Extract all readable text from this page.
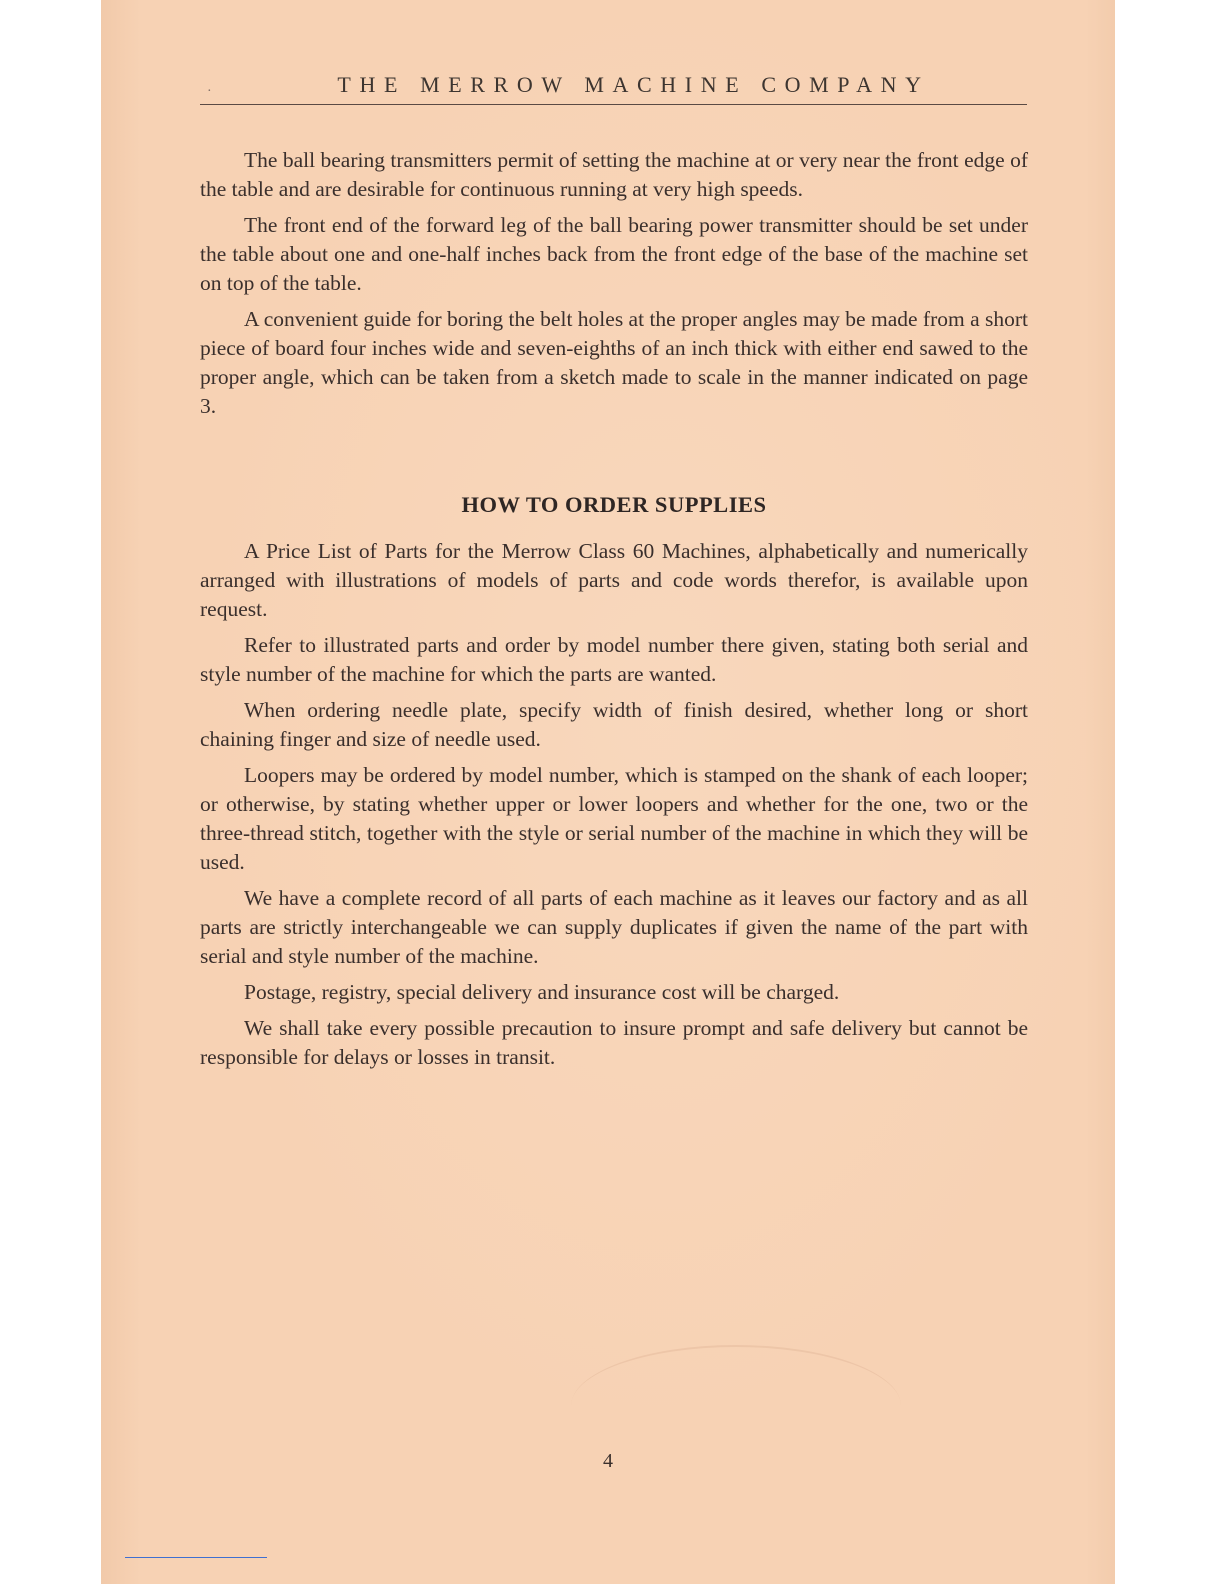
·	THE MERROW MACHINE COMPANY

The ball bearing transmitters permit of setting the machine at or very near the front edge of the table and are desirable for continuous running at very high speeds.

The front end of the forward leg of the ball bearing power transmitter should be set under the table about one and one-half inches back from the front edge of the base of the machine set on top of the table.

A convenient guide for boring the belt holes at the proper angles may be made from a short piece of board four inches wide and seven-eighths of an inch thick with either end sawed to the proper angle, which can be taken from a sketch made to scale in the manner indicated on page 3.

HOW TO ORDER SUPPLIES

A Price List of Parts for the Merrow Class 60 Machines, alphabetically and numerically arranged with illustrations of models of parts and code words therefor, is available upon request.

Refer to illustrated parts and order by model number there given, stating both serial and style number of the machine for which the parts are wanted.

When ordering needle plate, specify width of finish desired, whether long or short chaining finger and size of needle used.

Loopers may be ordered by model number, which is stamped on the shank of each looper; or otherwise, by stating whether upper or lower loopers and whether for the one, two or the three-thread stitch, together with the style or serial number of the machine in which they will be used.

We have a complete record of all parts of each machine as it leaves our factory and as all parts are strictly interchangeable we can supply duplicates if given the name of the part with serial and style number of the machine.

Postage, registry, special delivery and insurance cost will be charged.

We shall take every possible precaution to insure prompt and safe delivery but cannot be responsible for delays or losses in transit.

4
